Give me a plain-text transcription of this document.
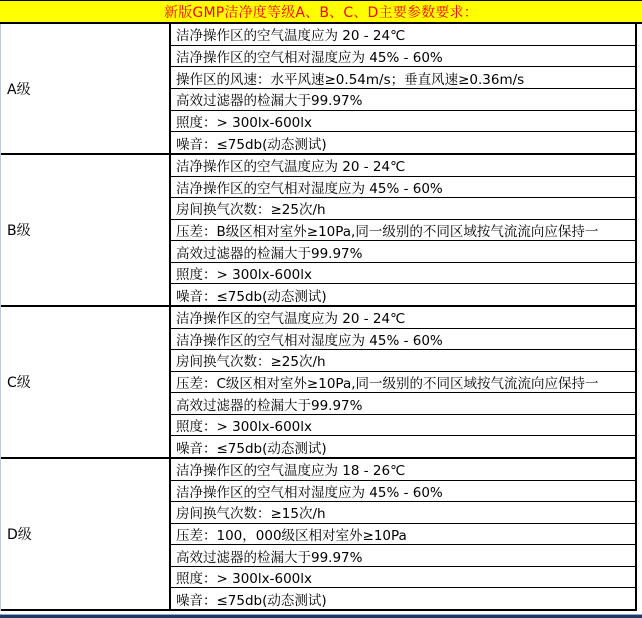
新版GMP洁净度等级A、B、C、D主要参数要求：
A级
洁净操作区的空气温度应为 20 - 24℃
洁净操作区的空气相对湿度应为 45% - 60%
操作区的风速：水平风速≥0.54m/s；垂直风速≥0.36m/s
高效过滤器的检漏大于99.97%
照度：> 300lx-600lx
噪音：≤75db(动态测试)
B级
洁净操作区的空气温度应为 20 - 24℃
洁净操作区的空气相对湿度应为 45% - 60%
房间换气次数：≥25次/h
压差：B级区相对室外≥10Pa,同一级别的不同区域按气流流向应保持一
高效过滤器的检漏大于99.97%
照度：> 300lx-600lx
噪音：≤75db(动态测试)
C级
洁净操作区的空气温度应为 20 - 24℃
洁净操作区的空气相对湿度应为 45% - 60%
房间换气次数：≥25次/h
压差：C级区相对室外≥10Pa,同一级别的不同区域按气流流向应保持一
高效过滤器的检漏大于99.97%
照度：> 300lx-600lx
噪音：≤75db(动态测试)
D级
洁净操作区的空气温度应为 18 - 26℃
洁净操作区的空气相对湿度应为 45% - 60%
房间换气次数：≥15次/h
压差：100，000级区相对室外≥10Pa
高效过滤器的检漏大于99.97%
照度：> 300lx-600lx
噪音：≤75db(动态测试)
